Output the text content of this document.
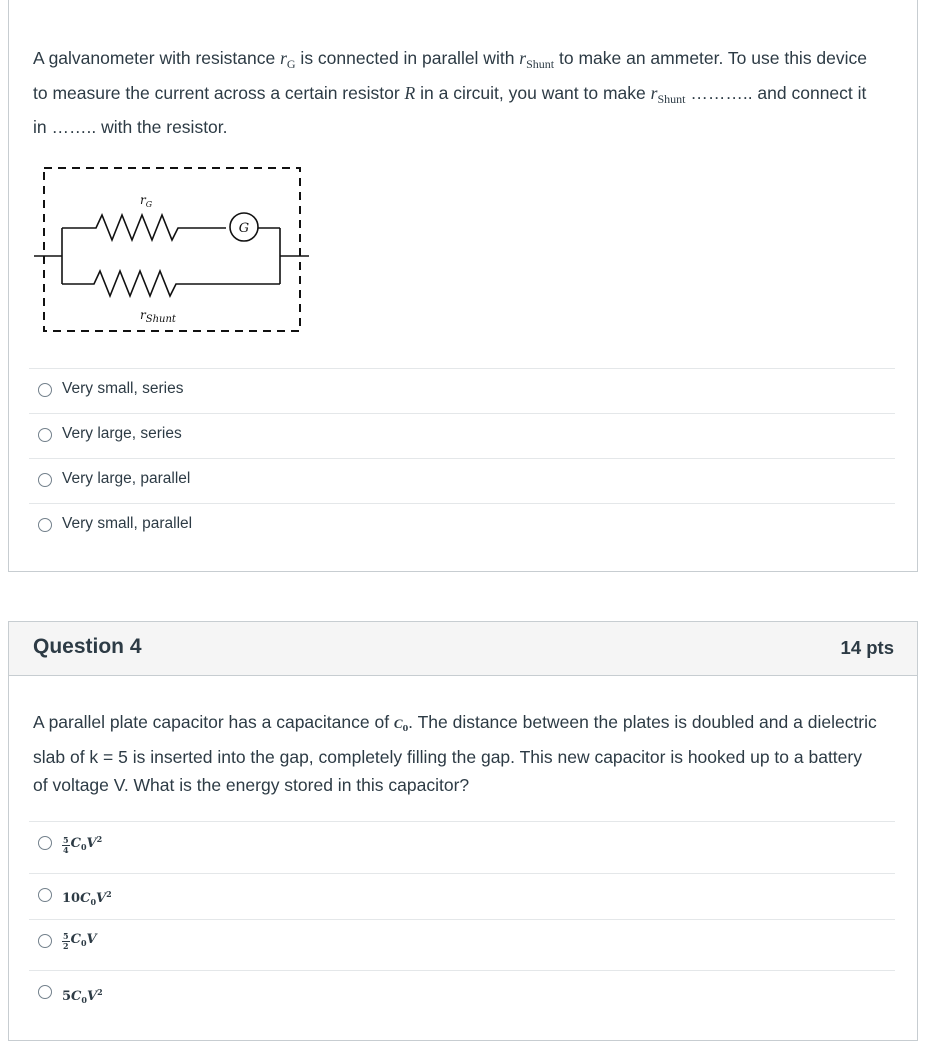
A galvanometer with resistance $r_G$ is connected in parallel with $r_{Shunt}$ to make an ammeter. To use this device to measure the current across a certain resistor R in a circuit, you want to make $r_{Shunt}$ ……….. and connect it in …….. with the resistor.
G
$r_G$
$r_{Shunt}$
Very small, series
Very large, series
Very large, parallel
Very small, parallel
Question 4	14 pts
A parallel plate capacitor has a capacitance of $C_0$. The distance between the plates is doubled and a dielectric slab of k = 5 is inserted into the gap, completely filling the gap. This new capacitor is hooked up to a battery of voltage V. What is the energy stored in this capacitor?
$\frac{5}{4} C_0V^2$
$10C_0V^2$
$\frac{5}{2} C_0V$
$5C_0V^2$
